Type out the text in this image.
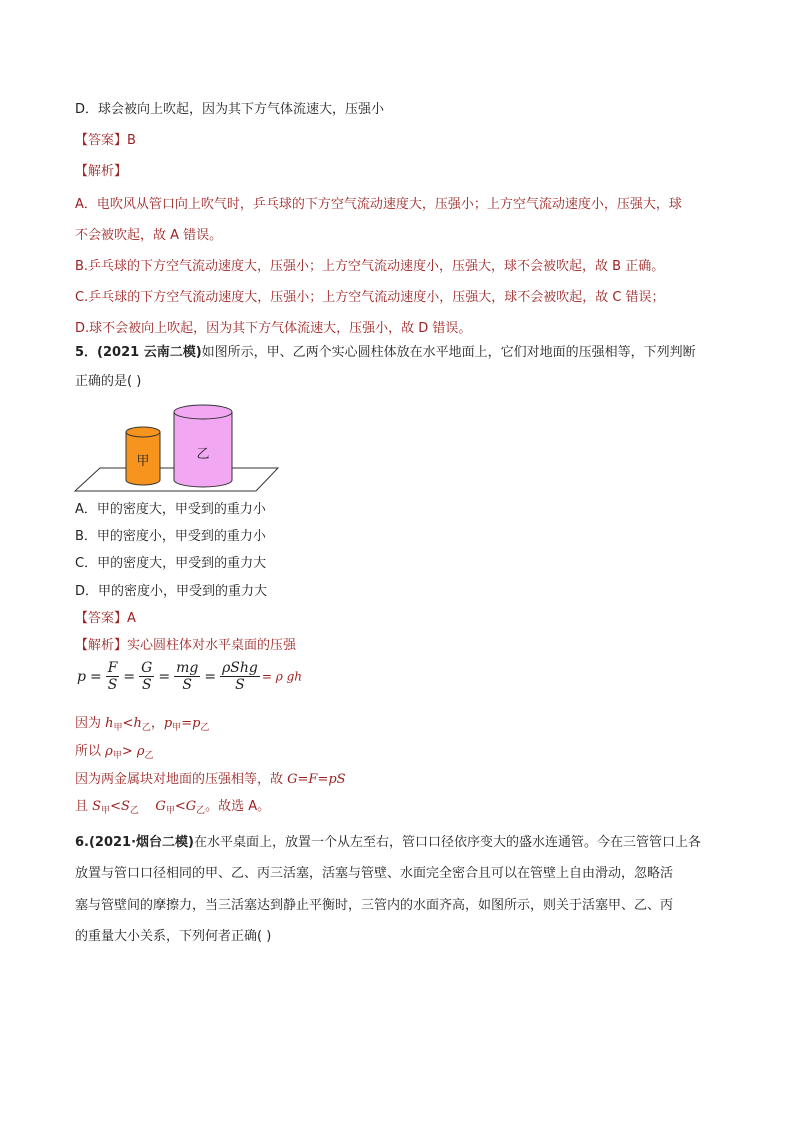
D．球会被向上吹起，因为其下方气体流速大，压强小
【答案】B
【解析】
A．电吹风从管口向上吹气时，乒乓球的下方空气流动速度大，压强小；上方空气流动速度小，压强大，球
不会被吹起，故 A 错误。
B.乒乓球的下方空气流动速度大，压强小；上方空气流动速度小，压强大，球不会被吹起，故 B 正确。
C.乒乓球的下方空气流动速度大，压强小；上方空气流动速度小，压强大，球不会被吹起，故 C 错误；
D.球不会被向上吹起，因为其下方气体流速大，压强小，故 D 错误。
5．(2021 云南二模)如图所示，甲、乙两个实心圆柱体放在水平地面上，它们对地面的压强相等，下列判断
正确的是( )
甲	乙
A．甲的密度大，甲受到的重力小
B．甲的密度小，甲受到的重力小
C．甲的密度大，甲受到的重力大
D．甲的密度小，甲受到的重力大
【答案】A
【解析】实心圆柱体对水平桌面的压强
$p = \frac{F}{S} = \frac{G}{S} = \frac{mg}{S} = \frac{\text{ρShg}}{S} = \rho$ gh
因为 $h_甲<h_乙$，$p_甲=p_乙$
所以 $\rho_甲> \rho_乙$
因为两金属块对地面的压强相等，故 G=F=pS
且 $S_甲<S_乙$ $G_甲<G_乙$。故选 A。
6.(2021·烟台二模)在水平桌面上，放置一个从左至右，管口口径依序变大的盛水连通管。今在三管管口上各
放置与管口口径相同的甲、乙、丙三活塞，活塞与管壁、水面完全密合且可以在管壁上自由滑动，忽略活
塞与管壁间的摩擦力，当三活塞达到静止平衡时，三管内的水面齐高，如图所示，则关于活塞甲、乙、丙
的重量大小关系，下列何者正确( )
